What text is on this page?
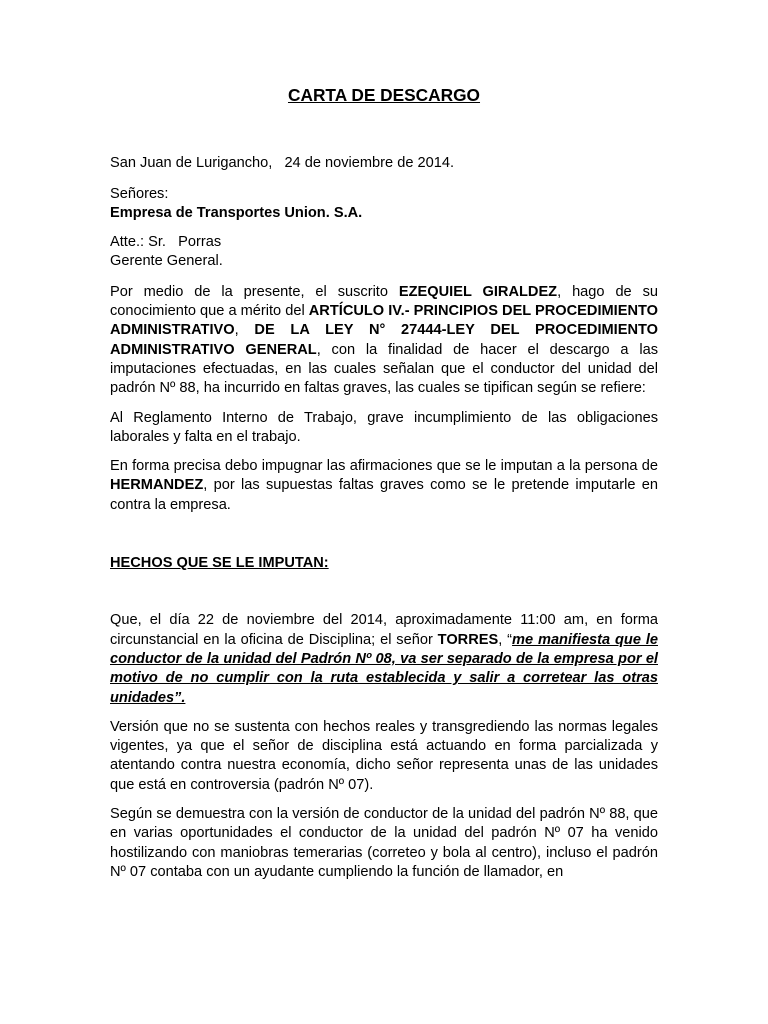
CARTA DE DESCARGO

San Juan de Lurigancho,   24 de noviembre de 2014.

Señores:

Empresa de Transportes Union. S.A.

Atte.: Sr.   Porras

Gerente General.

Por medio de la presente, el suscrito EZEQUIEL GIRALDEZ, hago de su conocimiento que a mérito del ARTÍCULO IV.- PRINCIPIOS DEL PROCEDIMIENTO ADMINISTRATIVO, DE LA LEY N° 27444-LEY DEL PROCEDIMIENTO ADMINISTRATIVO GENERAL, con la finalidad de hacer el descargo a las imputaciones efectuadas, en las cuales señalan que el conductor del unidad del padrón Nº 88, ha incurrido en faltas graves, las cuales se tipifican según se refiere:

Al Reglamento Interno de Trabajo, grave incumplimiento de las obligaciones laborales y falta en el trabajo.

En forma precisa debo impugnar las afirmaciones que se le imputan a la persona de HERMANDEZ, por las supuestas faltas graves como se le pretende imputarle en contra la empresa.

HECHOS QUE SE LE IMPUTAN:

Que, el día 22 de noviembre del 2014, aproximadamente 11:00 am, en forma circunstancial en la oficina de Disciplina; el señor TORRES, “me manifiesta que le conductor de la unidad del Padrón Nº 08, va ser separado de la empresa por el motivo de no cumplir con la ruta establecida y salir a corretear las otras unidades”.

Versión que no se sustenta con hechos reales y transgrediendo las normas legales vigentes, ya que el señor de disciplina está actuando en forma parcializada y atentando contra nuestra economía, dicho señor representa unas de las unidades que está en controversia (padrón Nº 07).

Según se demuestra con la versión de conductor de la unidad del padrón Nº 88, que en varias oportunidades el conductor de la unidad del padrón Nº 07 ha venido hostilizando con maniobras temerarias (correteo y bola al centro), incluso el padrón Nº 07 contaba con un ayudante cumpliendo la función de llamador, en
